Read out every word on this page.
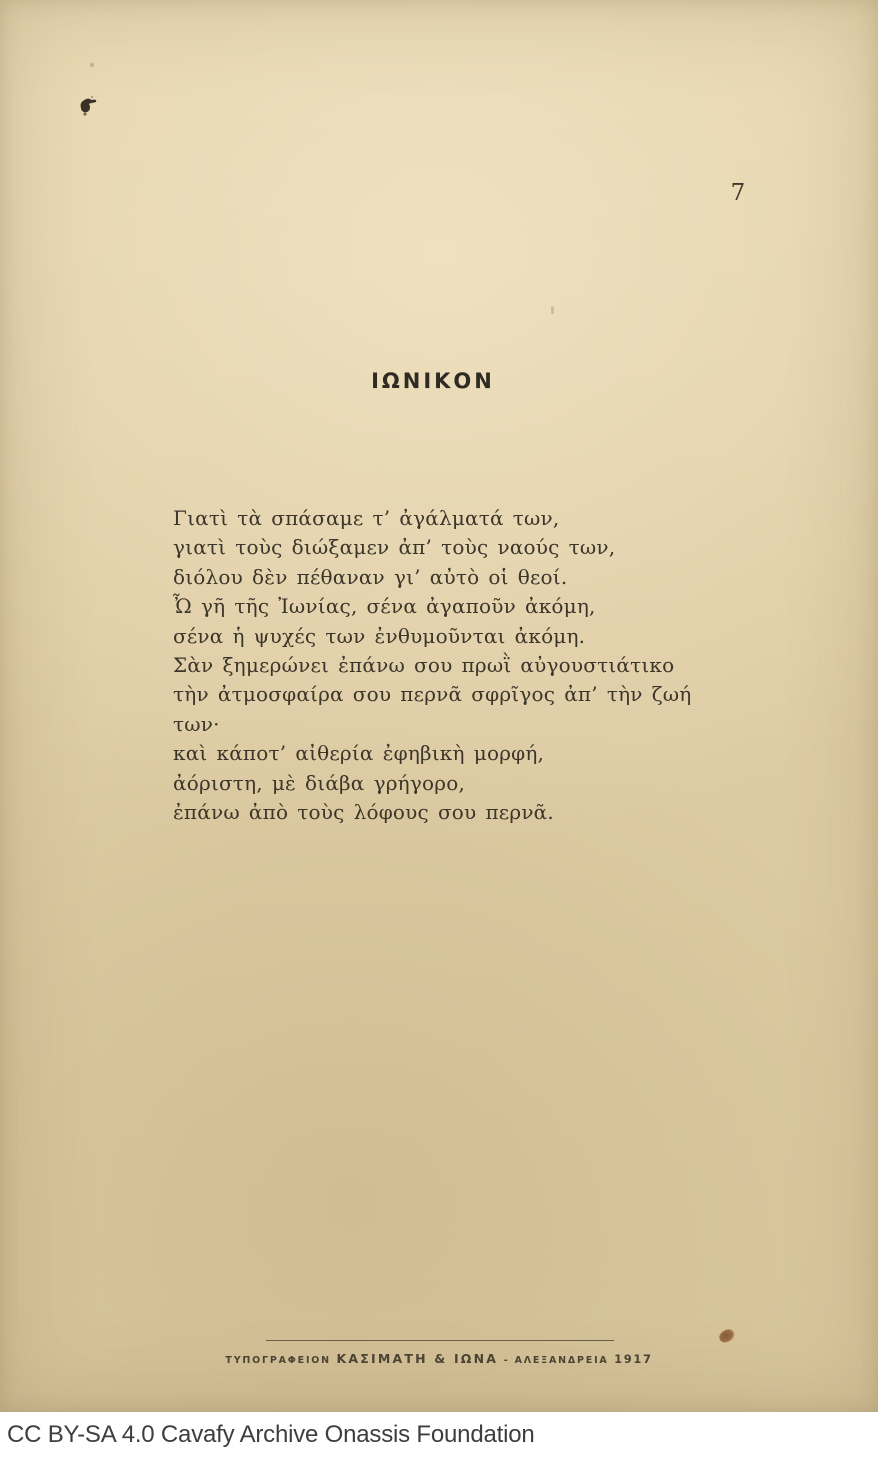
7
ΙΩΝΙΚΟΝ
Γιατὶ τὰ σπάσαμε τ’ ἀγάλματά των,
γιατὶ τοὺς διώξαμεν ἀπ’ τοὺς ναούς των,
διόλου δὲν πέθαναν γι’ αὐτὸ οἱ θεοί.
Ὦ γῆ τῆς Ἰωνίας, σένα ἀγαποῦν ἀκόμη,
σένα ἡ ψυχές των ἐνθυμοῦνται ἀκόμη.
Σὰν ξημερώνει ἐπάνω σου πρωῒ αὐγουστιάτικο
τὴν ἀτμοσφαίρα σου περνᾶ σφρῖγος ἀπ’ τὴν ζωή των·
καὶ κάποτ’ αἰθερία ἐφηβικὴ μορφή,
ἀόριστη, μὲ διάβα γρήγορο,
ἐπάνω ἀπὸ τοὺς λόφους σου περνᾶ.
ΤΥΠΟΓΡΑΦΕΙΟΝ ΚΑΣΙΜΑΤΗ & ΙΩΝΑ - ΑΛΕΞΑΝΔΡΕΙΑ 1917
CC BY-SA 4.0 Cavafy Archive Onassis Foundation
